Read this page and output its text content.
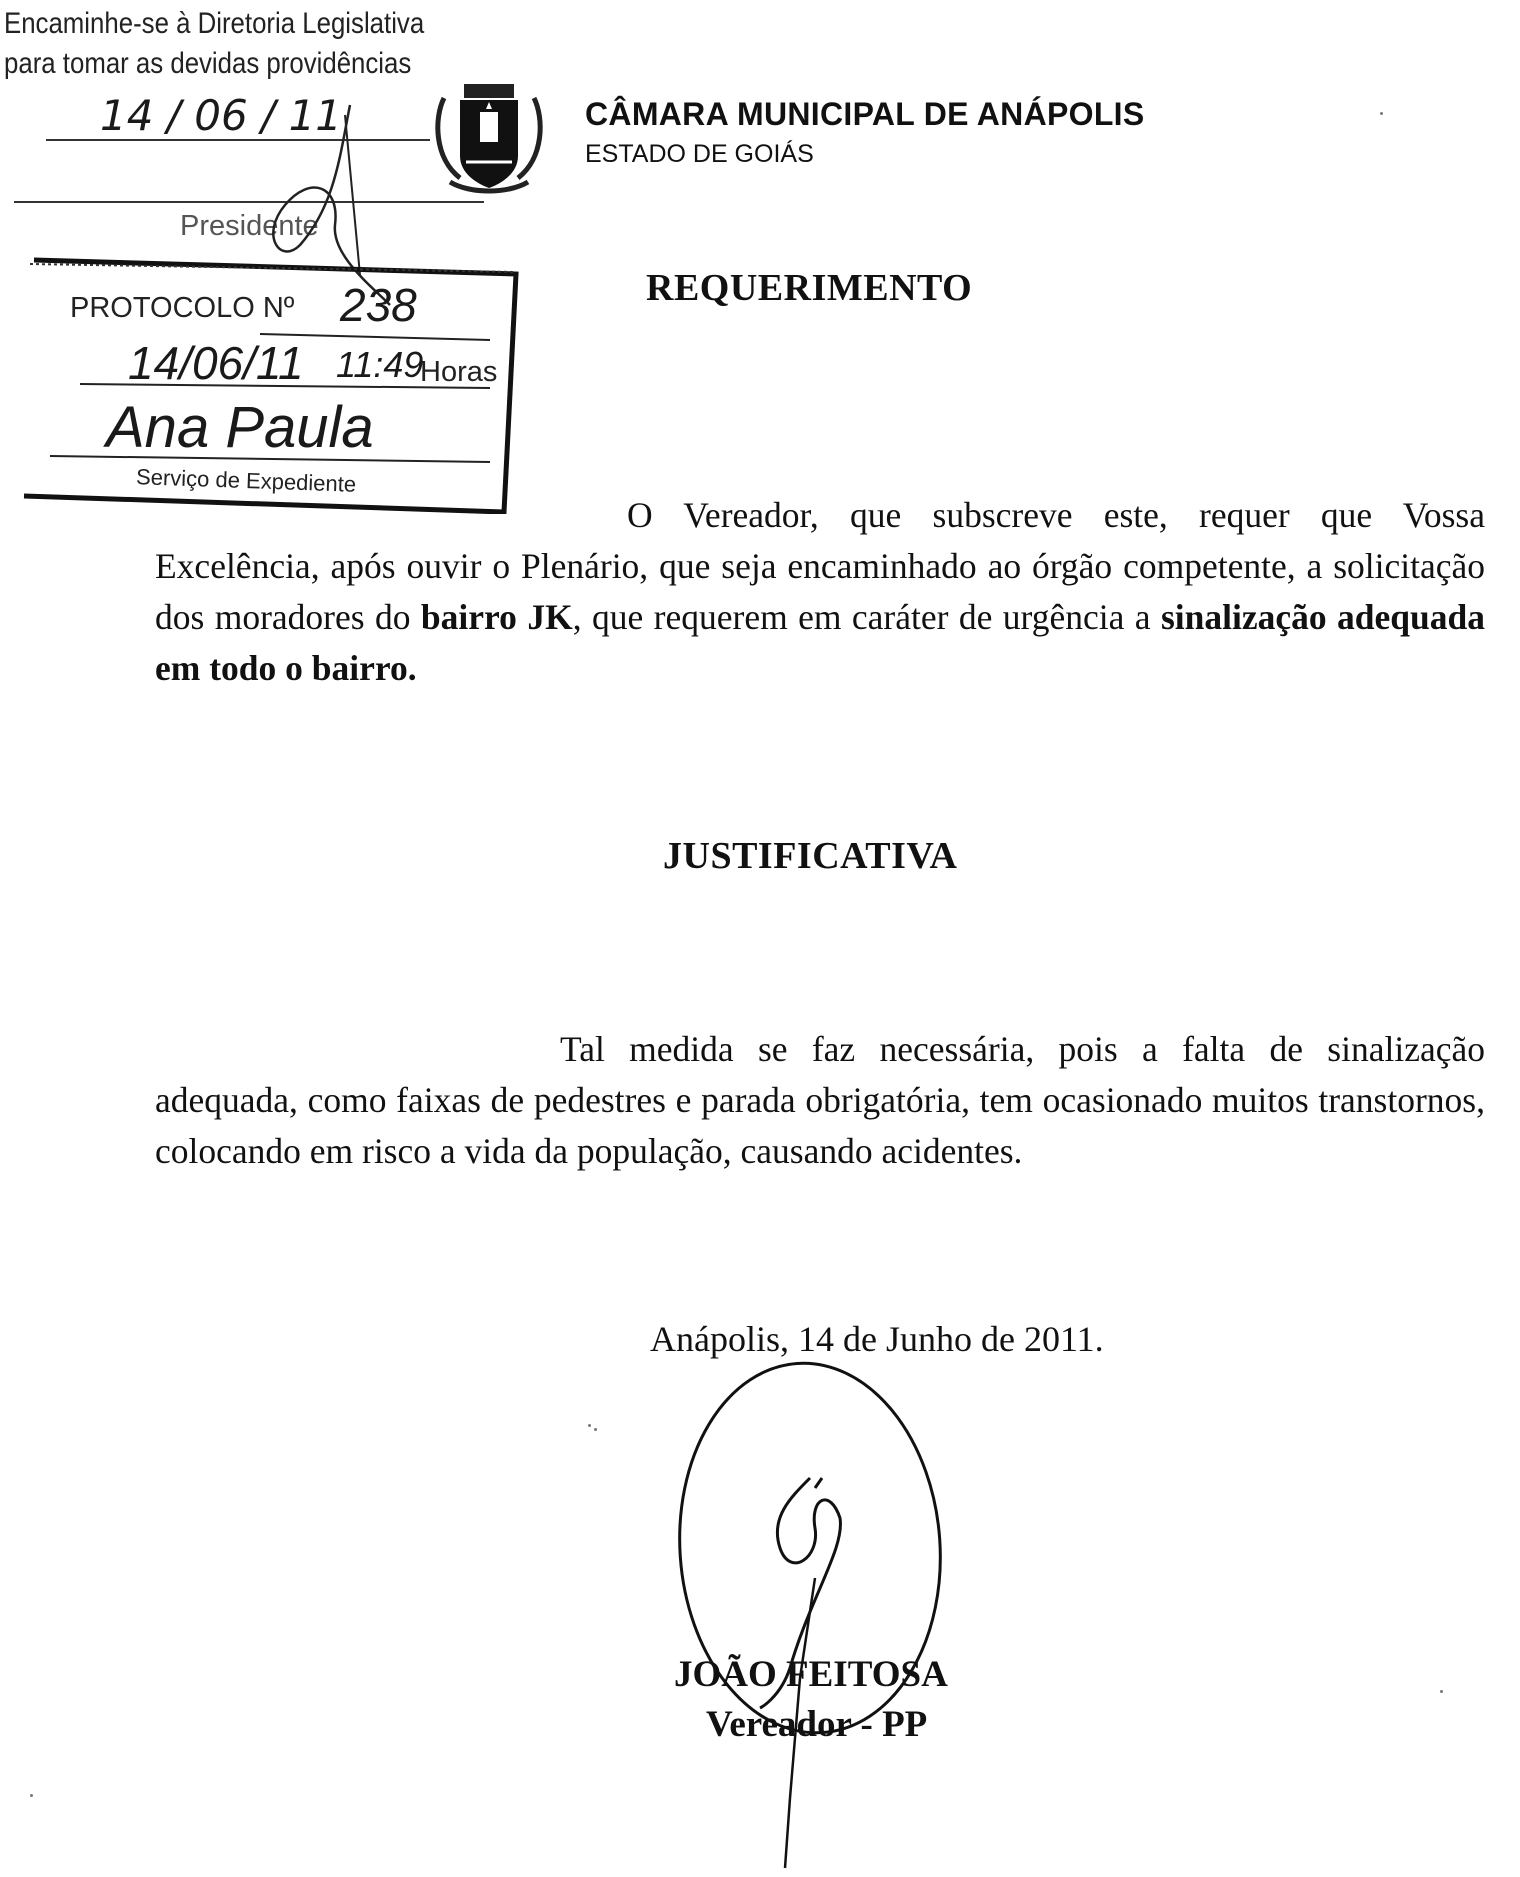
Encaminhe-se à Diretoria Legislativa
para tomar as devidas providências
14 / 06 / 11
Presidente
CÂMARA MUNICIPAL DE ANÁPOLIS
ESTADO DE GOIÁS
PROTOCOLO Nº 238
14/06/11 11:49
Horas
Ana Paula
Serviço de Expediente
REQUERIMENTO
O Vereador, que subscreve este, requer que Vossa Excelência, após ouvir o Plenário, que seja encaminhado ao órgão competente, a solicitação dos moradores do bairro JK, que requerem em caráter de urgência a sinalização adequada em todo o bairro.
JUSTIFICATIVA
Tal medida se faz necessária, pois a falta de sinalização adequada, como faixas de pedestres e parada obrigatória, tem ocasionado muitos transtornos, colocando em risco a vida da população, causando acidentes.
Anápolis, 14 de Junho de 2011.
JOÃO FEITOSA
Vereador - PP
